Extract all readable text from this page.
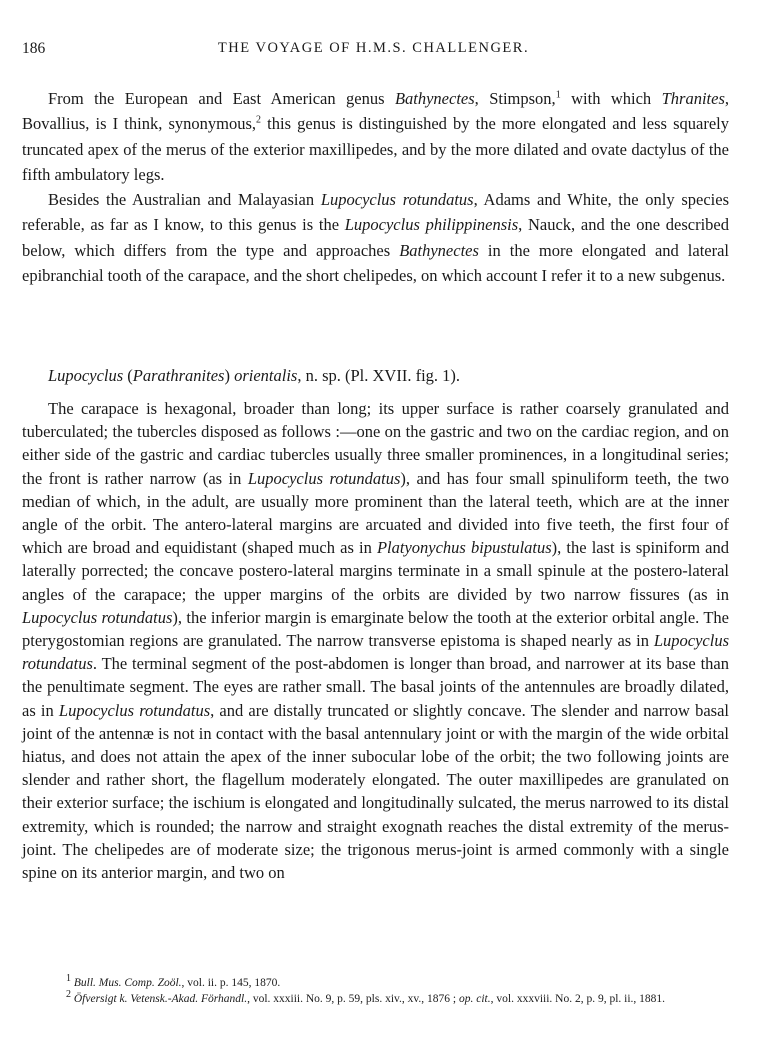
186	THE VOYAGE OF H.M.S. CHALLENGER.

From the European and East American genus Bathynectes, Stimpson,$^1$ with which Thranites, Bovallius, is I think, synonymous,$^2$ this genus is distinguished by the more elongated and less squarely truncated apex of the merus of the exterior maxillipedes, and by the more dilated and ovate dactylus of the fifth ambulatory legs.

Besides the Australian and Malayasian Lupocyclus rotundatus, Adams and White, the only species referable, as far as I know, to this genus is the Lupocyclus philippinensis, Nauck, and the one described below, which differs from the type and approaches Bathynectes in the more elongated and lateral epibranchial tooth of the carapace, and the short chelipedes, on which account I refer it to a new subgenus.

Lupocyclus (Parathranites) orientalis, n. sp. (Pl. XVII. fig. 1).

The carapace is hexagonal, broader than long; its upper surface is rather coarsely granulated and tuberculated; the tubercles disposed as follows :—one on the gastric and two on the cardiac region, and on either side of the gastric and cardiac tubercles usually three smaller prominences, in a longitudinal series; the front is rather narrow (as in Lupocyclus rotundatus), and has four small spinuliform teeth, the two median of which, in the adult, are usually more prominent than the lateral teeth, which are at the inner angle of the orbit. The antero-lateral margins are arcuated and divided into five teeth, the first four of which are broad and equidistant (shaped much as in Platyonychus bipustulatus), the last is spiniform and laterally porrected; the concave postero-lateral margins terminate in a small spinule at the postero-lateral angles of the carapace; the upper margins of the orbits are divided by two narrow fissures (as in Lupocyclus rotundatus), the inferior margin is emarginate below the tooth at the exterior orbital angle. The pterygostomian regions are granulated. The narrow transverse epistoma is shaped nearly as in Lupocyclus rotundatus. The terminal segment of the post-abdomen is longer than broad, and narrower at its base than the penultimate segment. The eyes are rather small. The basal joints of the antennules are broadly dilated, as in Lupocyclus rotundatus, and are distally truncated or slightly concave. The slender and narrow basal joint of the antennæ is not in contact with the basal antennulary joint or with the margin of the wide orbital hiatus, and does not attain the apex of the inner subocular lobe of the orbit; the two following joints are slender and rather short, the flagellum moderately elongated. The outer maxillipedes are granulated on their exterior surface; the ischium is elongated and longitudinally sulcated, the merus narrowed to its distal extremity, which is rounded; the narrow and straight exognath reaches the distal extremity of the merus-joint. The chelipedes are of moderate size; the trigonous merus-joint is armed commonly with a single spine on its anterior margin, and two on

$^1$ Bull. Mus. Comp. Zoöl., vol. ii. p. 145, 1870.

$^2$ Öfversigt k. Vetensk.-Akad. Förhandl., vol. xxxiii. No. 9, p. 59, pls. xiv., xv., 1876 ; op. cit., vol. xxxviii. No. 2, p. 9, pl. ii., 1881.
